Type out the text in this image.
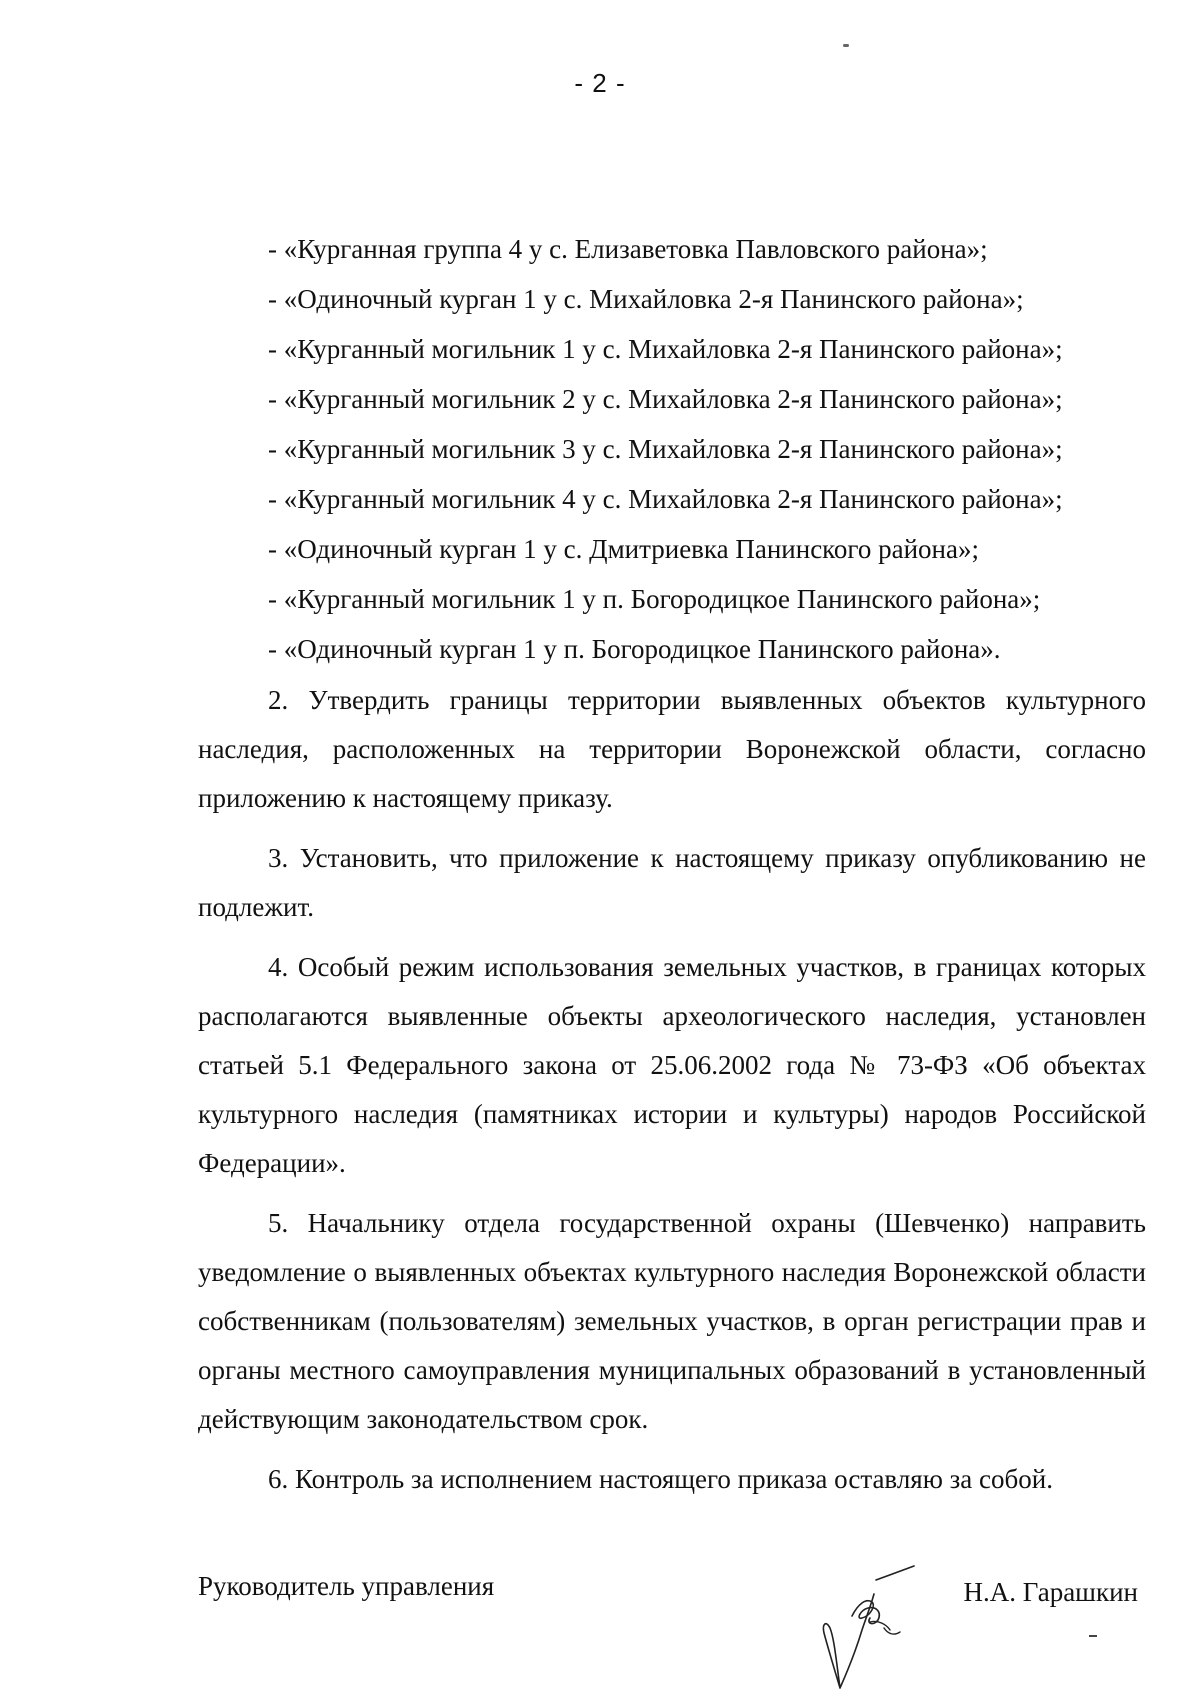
- 2 -
- «Курганная группа 4 у с. Елизаветовка Павловского района»;
- «Одиночный курган 1 у с. Михайловка 2-я Панинского района»;
- «Курганный могильник 1 у с. Михайловка 2-я Панинского района»;
- «Курганный могильник 2 у с. Михайловка 2-я Панинского района»;
- «Курганный могильник 3 у с. Михайловка 2-я Панинского района»;
- «Курганный могильник 4 у с. Михайловка 2-я Панинского района»;
- «Одиночный курган 1 у с. Дмитриевка Панинского района»;
- «Курганный могильник 1 у п. Богородицкое Панинского района»;
- «Одиночный курган 1 у п. Богородицкое Панинского района».

2. Утвердить границы территории выявленных объектов культурного наследия, расположенных на территории Воронежской области, согласно приложению к настоящему приказу.

3. Установить, что приложение к настоящему приказу опубликованию не подлежит.

4. Особый режим использования земельных участков, в границах которых располагаются выявленные объекты археологического наследия, установлен статьей 5.1 Федерального закона от 25.06.2002 года № 73-ФЗ «Об объектах культурного наследия (памятниках истории и культуры) народов Российской Федерации».

5. Начальнику отдела государственной охраны (Шевченко) направить уведомление о выявленных объектах культурного наследия Воронежской области собственникам (пользователям) земельных участков, в орган регистрации прав и органы местного самоуправления муниципальных образований в установленный действующим законодательством срок.

6. Контроль за исполнением настоящего приказа оставляю за собой.

Руководитель управления	Н.А. Гарашкин
